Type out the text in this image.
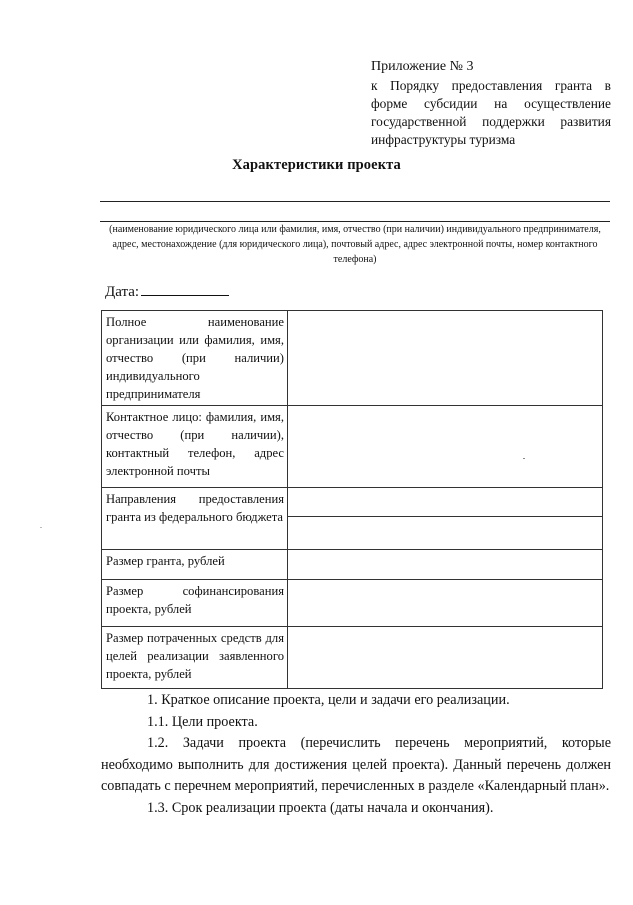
Приложение № 3
к Порядку предоставления гранта в форме субсидии на осуществление государственной поддержки развития инфраструктуры туризма
Характеристики проекта
(наименование юридического лица или фамилия, имя, отчество (при наличии) индивидуального предпринимателя, адрес, местонахождение (для юридического лица), почтовый адрес, адрес электронной почты, номер контактного телефона)
Дата:
Полное наименование организации или фамилия, имя, отчество (при наличии) индивидуального предпринимателя	
Контактное лицо: фамилия, имя, отчество (при наличии), контактный телефон, адрес электронной почты	
Направления предоставления гранта из федерального бюджета	

Размер гранта, рублей	
Размер софинансирования проекта, рублей	
Размер потраченных средств для целей реализации заявленного проекта, рублей	

1. Краткое описание проекта, цели и задачи его реализации.

1.1. Цели проекта.

1.2. Задачи проекта (перечислить перечень мероприятий, которые необходимо выполнить для достижения целей проекта). Данный перечень должен совпадать с перечнем мероприятий, перечисленных в разделе «Календарный план».

1.3. Срок реализации проекта (даты начала и окончания).
